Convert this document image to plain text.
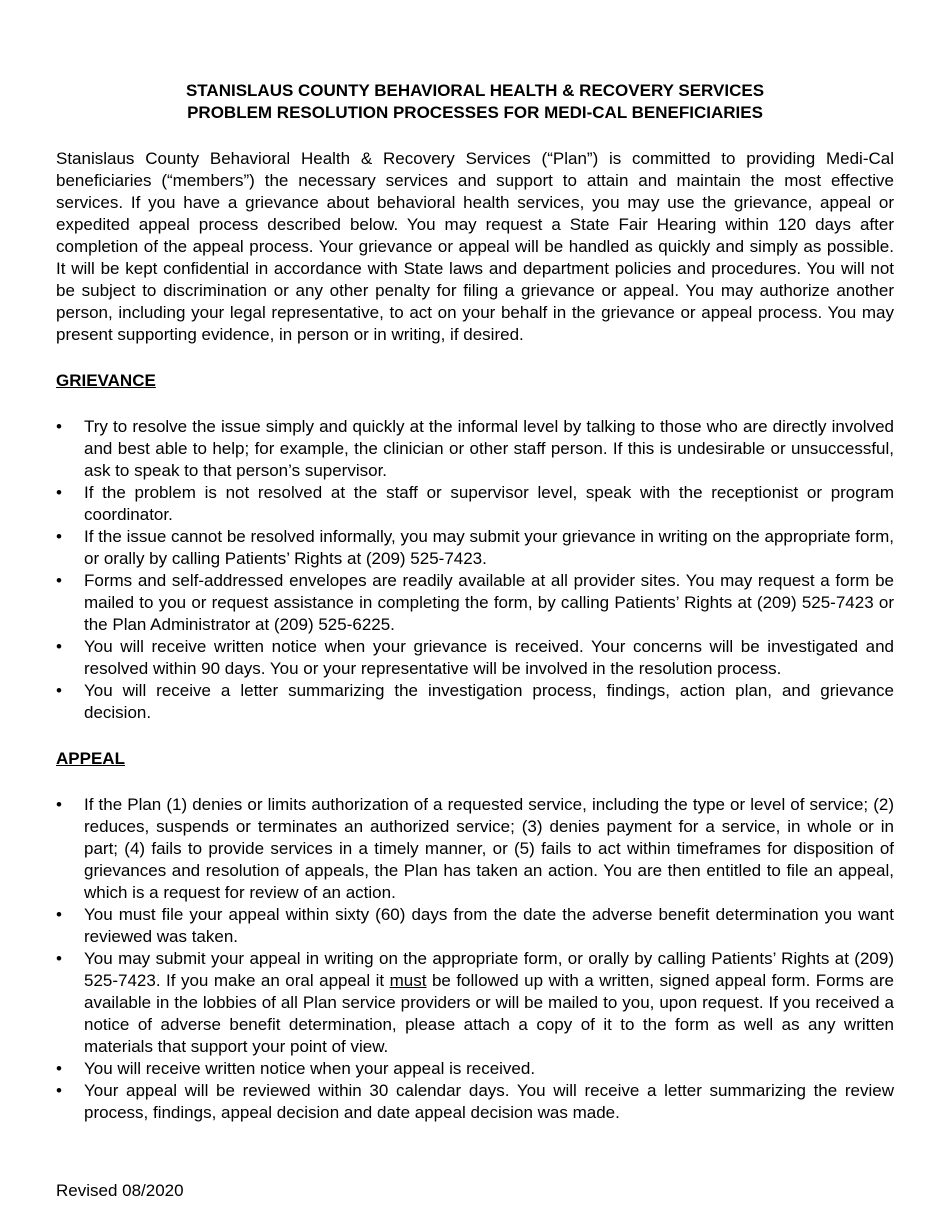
STANISLAUS COUNTY BEHAVIORAL HEALTH & RECOVERY SERVICES
PROBLEM RESOLUTION PROCESSES FOR MEDI-CAL BENEFICIARIES

Stanislaus County Behavioral Health & Recovery Services (“Plan”) is committed to providing Medi-Cal beneficiaries (“members”) the necessary services and support to attain and maintain the most effective services. If you have a grievance about behavioral health services, you may use the grievance, appeal or expedited appeal process described below. You may request a State Fair Hearing within 120 days after completion of the appeal process. Your grievance or appeal will be handled as quickly and simply as possible. It will be kept confidential in accordance with State laws and department policies and procedures. You will not be subject to discrimination or any other penalty for filing a grievance or appeal. You may authorize another person, including your legal representative, to act on your behalf in the grievance or appeal process. You may present supporting evidence, in person or in writing, if desired.

GRIEVANCE
•	Try to resolve the issue simply and quickly at the informal level by talking to those who are directly involved and best able to help; for example, the clinician or other staff person. If this is undesirable or unsuccessful, ask to speak to that person’s supervisor.
•	If the problem is not resolved at the staff or supervisor level, speak with the receptionist or program coordinator.
•	If the issue cannot be resolved informally, you may submit your grievance in writing on the appropriate form, or orally by calling Patients’ Rights at (209) 525-7423.
•	Forms and self-addressed envelopes are readily available at all provider sites. You may request a form be mailed to you or request assistance in completing the form, by calling Patients’ Rights at (209) 525-7423 or the Plan Administrator at (209) 525-6225.
•	You will receive written notice when your grievance is received. Your concerns will be investigated and resolved within 90 days. You or your representative will be involved in the resolution process.
•	You will receive a letter summarizing the investigation process, findings, action plan, and grievance decision.
APPEAL
•	If the Plan (1) denies or limits authorization of a requested service, including the type or level of service; (2) reduces, suspends or terminates an authorized service; (3) denies payment for a service, in whole or in part; (4) fails to provide services in a timely manner, or (5) fails to act within timeframes for disposition of grievances and resolution of appeals, the Plan has taken an action. You are then entitled to file an appeal, which is a request for review of an action.
•	You must file your appeal within sixty (60) days from the date the adverse benefit determination you want reviewed was taken.
•	You may submit your appeal in writing on the appropriate form, or orally by calling Patients’ Rights at (209) 525-7423. If you make an oral appeal it must be followed up with a written, signed appeal form. Forms are available in the lobbies of all Plan service providers or will be mailed to you, upon request. If you received a notice of adverse benefit determination, please attach a copy of it to the form as well as any written materials that support your point of view.
•	You will receive written notice when your appeal is received.
•	Your appeal will be reviewed within 30 calendar days. You will receive a letter summarizing the review process, findings, appeal decision and date appeal decision was made.
Revised 08/2020
